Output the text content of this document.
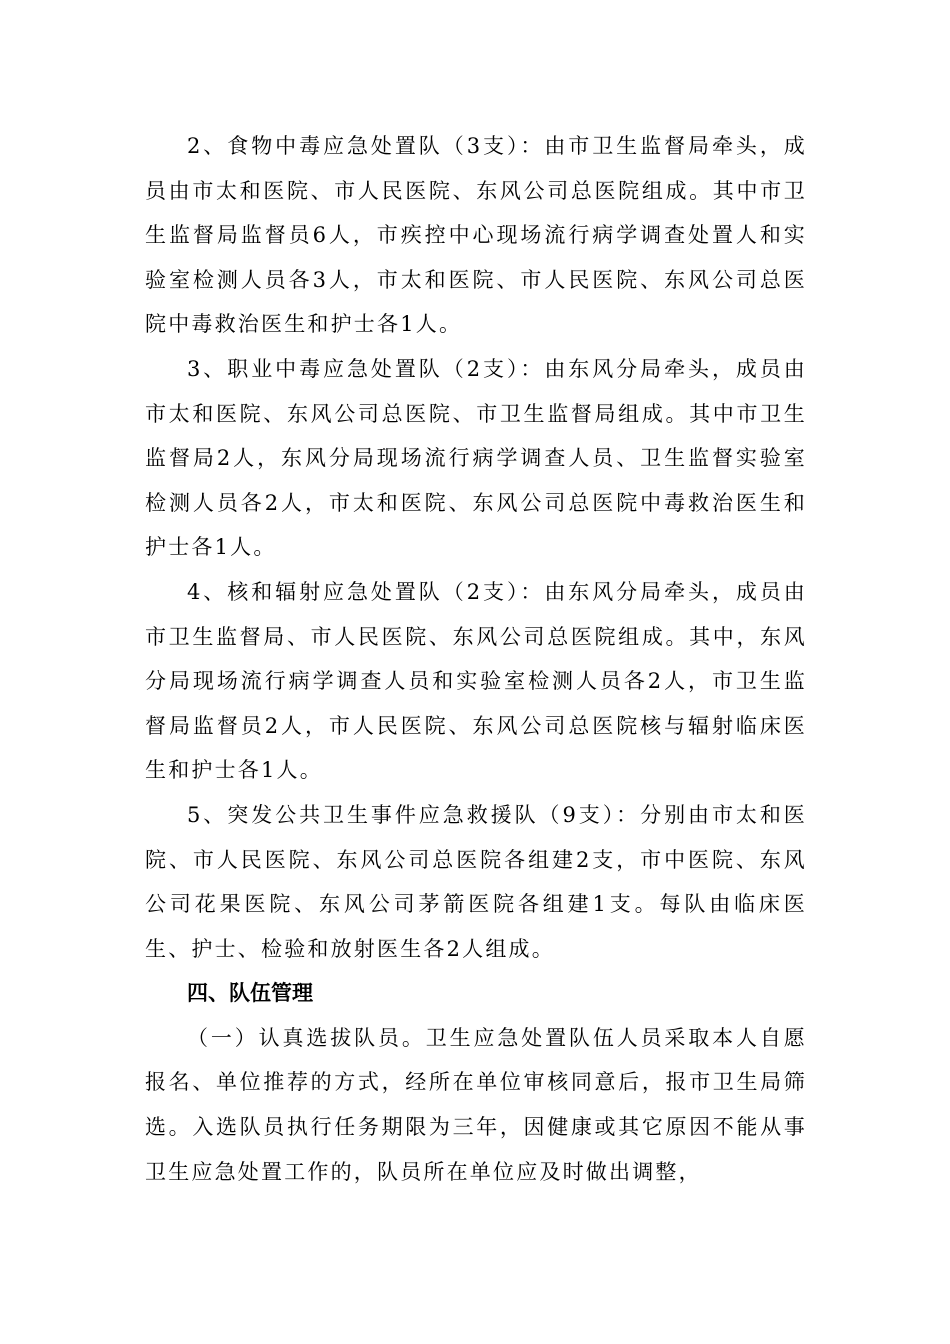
2、食物中毒应急处置队（3支）：由市卫生监督局牵头，成员由市太和医院、市人民医院、东风公司总医院组成。其中市卫生监督局监督员6人，市疾控中心现场流行病学调查处置人和实验室检测人员各3人，市太和医院、市人民医院、东风公司总医院中毒救治医生和护士各1人。

3、职业中毒应急处置队（2支）：由东风分局牵头，成员由市太和医院、东风公司总医院、市卫生监督局组成。其中市卫生监督局2人，东风分局现场流行病学调查人员、卫生监督实验室检测人员各2人，市太和医院、东风公司总医院中毒救治医生和护士各1人。

4、核和辐射应急处置队（2支）：由东风分局牵头，成员由市卫生监督局、市人民医院、东风公司总医院组成。其中，东风分局现场流行病学调查人员和实验室检测人员各2人，市卫生监督局监督员2人，市人民医院、东风公司总医院核与辐射临床医生和护士各1人。

5、突发公共卫生事件应急救援队（9支）：分别由市太和医院、市人民医院、东风公司总医院各组建2支，市中医院、东风公司花果医院、东风公司茅箭医院各组建1支。每队由临床医生、护士、检验和放射医生各2人组成。

四、队伍管理

（一）认真选拔队员。卫生应急处置队伍人员采取本人自愿报名、单位推荐的方式，经所在单位审核同意后，报市卫生局筛选。入选队员执行任务期限为三年，因健康或其它原因不能从事卫生应急处置工作的，队员所在单位应及时做出调整，
